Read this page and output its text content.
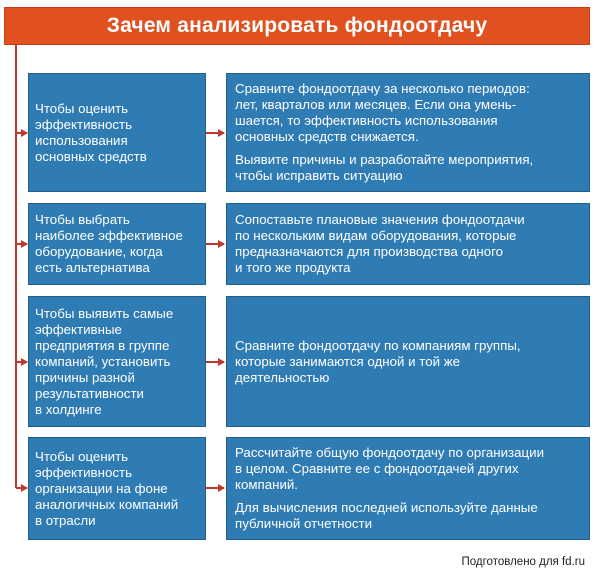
Зачем анализировать фондоотдачу
Чтобы оценить
эффективность
использования
основных средств

Сравните фондоотдачу за несколько периодов:
лет, кварталов или месяцев. Если она умень-
шается, то эффективность использования
основных средств снижается.

Выявите причины и разработайте мероприятия,
чтобы исправить ситуацию

Чтобы выбрать
наиболее эффективное
оборудование, когда
есть альтернатива

Сопоставьте плановые значения фондоотдачи
по нескольким видам оборудования, которые
предназначаются для производства одного
и того же продукта

Чтобы выявить самые
эффективные
предприятия в группе
компаний, установить
причины разной
результативности
в холдинге

Сравните фондоотдачу по компаниям группы,
которые занимаются одной и той же
деятельностью

Чтобы оценить
эффективность
организации на фоне
аналогичных компаний
в отрасли

Рассчитайте общую фондоотдачу по организации
в целом. Сравните ее с фондоотдачей других
компаний.

Для вычисления последней используйте данные
публичной отчетности

Подготовлено для fd.ru
